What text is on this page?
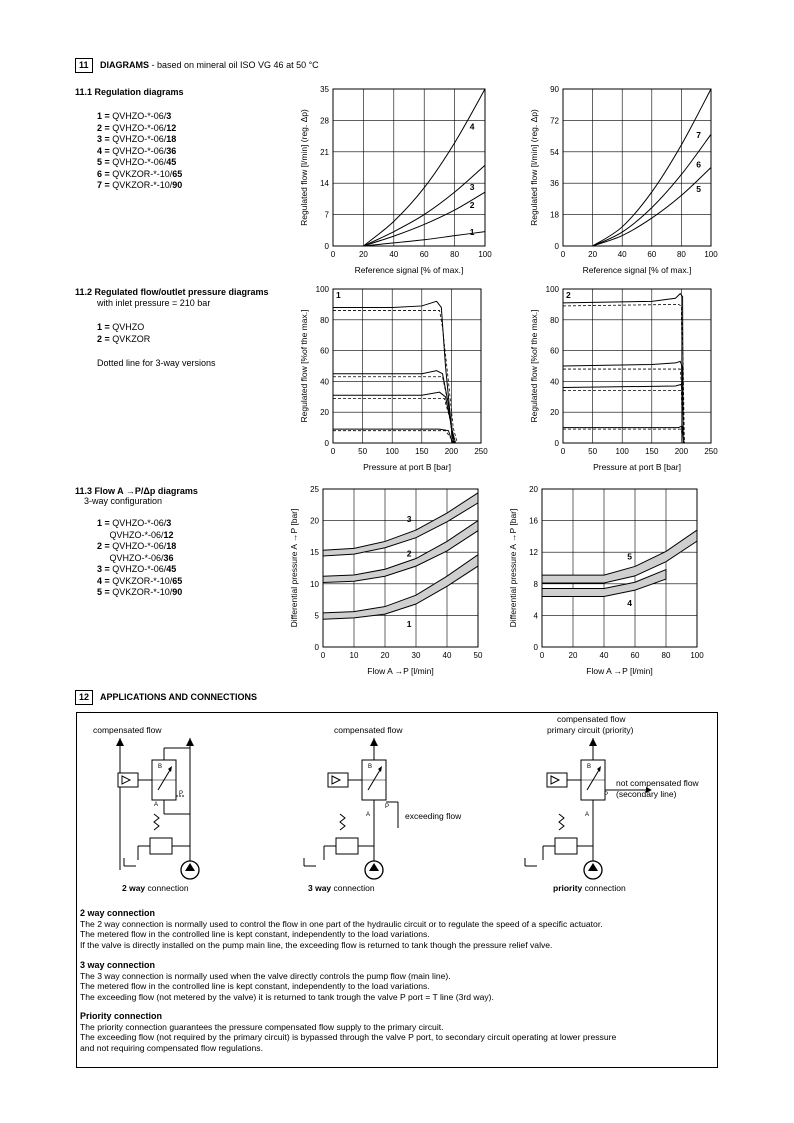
11	DIAGRAMS - based on mineral oil ISO VG 46 at 50 °C
11.1 Regulation diagrams
1 = QVHZO-*-06/3
2 = QVHZO-*-06/12
3 = QVHZO-*-06/18
4 = QVHZO-*-06/36
5 = QVHZO-*-06/45
6 = QVKZOR-*-10/65
7 = QVKZOR-*-10/90
11.2 Regulated flow/outlet pressure diagrams
with inlet pressure = 210 bar
1 = QVHZO
2 = QVKZOR
Dotted line for 3-way versions
11.3 Flow A →P/Δp diagrams
3-way configuration
1 = QVHZO-*-06/3
QVHZO-*-06/12
2 = QVHZO-*-06/18
QVHZO-*-06/36
3 = QVHZO-*-06/45
4 = QVKZOR-*-10/65
5 = QVKZOR-*-10/90
0	20	40	60	80 100
0
7
14
21
28
35
1
2
3
4
Reference signal [% of max.]
Regulated flow [l/min] (reg. Δp)
0	20	40	60	80 100
0
18
36
54
72
90
5
6
7
Reference signal [% of max.]
Regulated flow [l/min] (reg. Δp)
0	50 100 150 200 250
0
20
40
60
80
100
1
Pressure at port B [bar]
Regulated flow [%of the max.]
0	50 100 150 200 250
0
20
40
60
80
100
2
Pressure at port B [bar]
Regulated flow [%of the max.]
0	10	20	30	40	50
0
5
10
15
20
25
1
2
3
Flow A →P [l/min]
Differential pressure A →P [bar]
0	20	40	60	80 100
0
4
8
12
16
20
4
5
Flow A →P [l/min]
Differential pressure A →P [bar]
12	APPLICATIONS AND CONNECTIONS
compensated flow
B
A
P
2 way connection
compensated flow
B
A
P
exceeding flow
3 way connection
compensated flow
primary circuit (priority)
B
A
P
not compensated flow
(secondary line)
priority connection
2 way connection
The 2 way connection is normally used to control the flow in one part of the hydraulic circuit or to regulate the speed of a specific actuator.
The metered flow in the controlled line is kept constant, independently to the load variations.
If the valve is directly installed on the pump main line, the exceeding flow is returned to tank though the pressure relief valve.
3 way connection
The 3 way connection is normally used when the valve directly controls the pump flow (main line).
The metered flow in the controlled line is kept constant, independently to the load variations.
The exceeding flow (not metered by the valve) it is returned to tank trough the valve P port = T line (3rd way).
Priority connection
The priority connection guarantees the pressure compensated flow supply to the primary circuit.
The exceeding flow (not required by the primary circuit) is bypassed through the valve P port, to secondary circuit operating at lower pressure
and not requiring compensated flow regulations.
